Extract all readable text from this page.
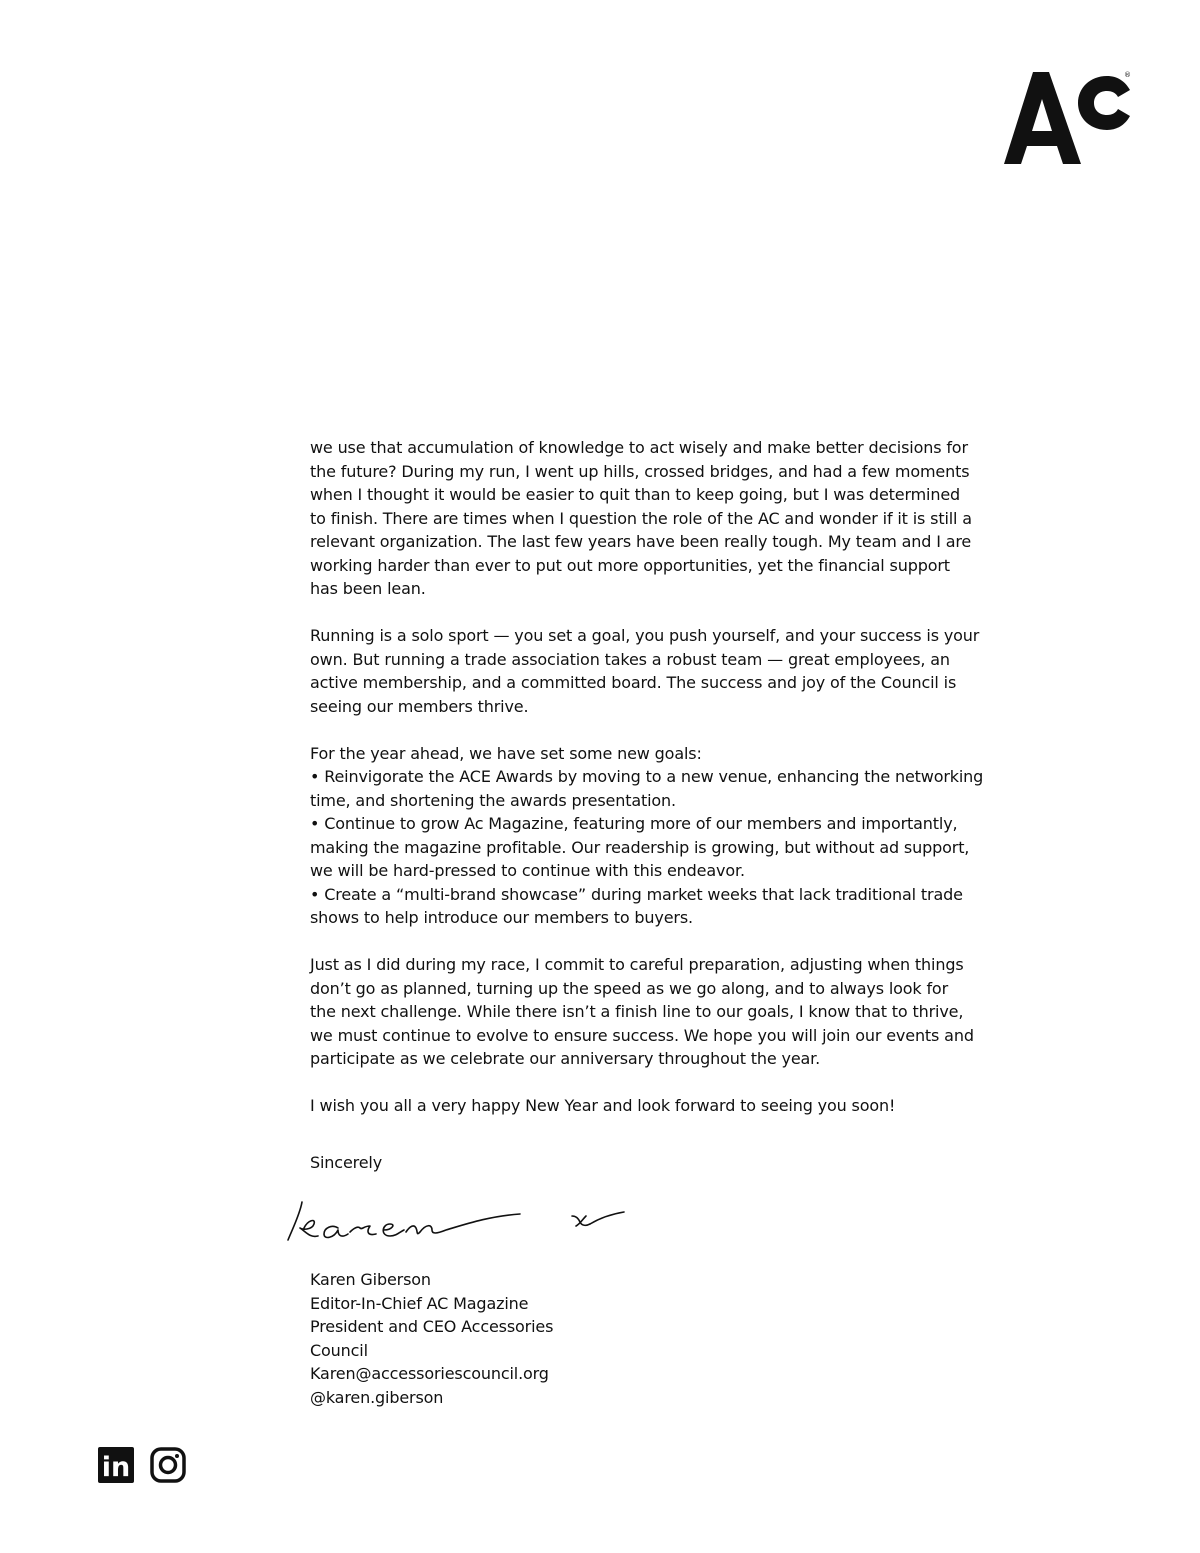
®

we use that accumulation of knowledge to act wisely and make better decisions for
the future? During my run, I went up hills, crossed bridges, and had a few moments
when I thought it would be easier to quit than to keep going, but I was determined
to finish. There are times when I question the role of the AC and wonder if it is still a
relevant organization. The last few years have been really tough. My team and I are
working harder than ever to put out more opportunities, yet the financial support
has been lean.

Running is a solo sport — you set a goal, you push yourself, and your success is your
own. But running a trade association takes a robust team — great employees, an
active membership, and a committed board. The success and joy of the Council is
seeing our members thrive.

For the year ahead, we have set some new goals:
• Reinvigorate the ACE Awards by moving to a new venue, enhancing the networking
time, and shortening the awards presentation.
• Continue to grow Ac Magazine, featuring more of our members and importantly,
making the magazine profitable. Our readership is growing, but without ad support,
we will be hard-pressed to continue with this endeavor.
• Create a “multi-brand showcase” during market weeks that lack traditional trade
shows to help introduce our members to buyers.

Just as I did during my race, I commit to careful preparation, adjusting when things
don’t go as planned, turning up the speed as we go along, and to always look for
the next challenge. While there isn’t a finish line to our goals, I know that to thrive,
we must continue to evolve to ensure success. We hope you will join our events and
participate as we celebrate our anniversary throughout the year.

I wish you all a very happy New Year and look forward to seeing you soon!

Sincerely
Karen Giberson
Editor-In-Chief AC Magazine
President and CEO Accessories
Council
Karen@accessoriescouncil.org
@karen.giberson
in
